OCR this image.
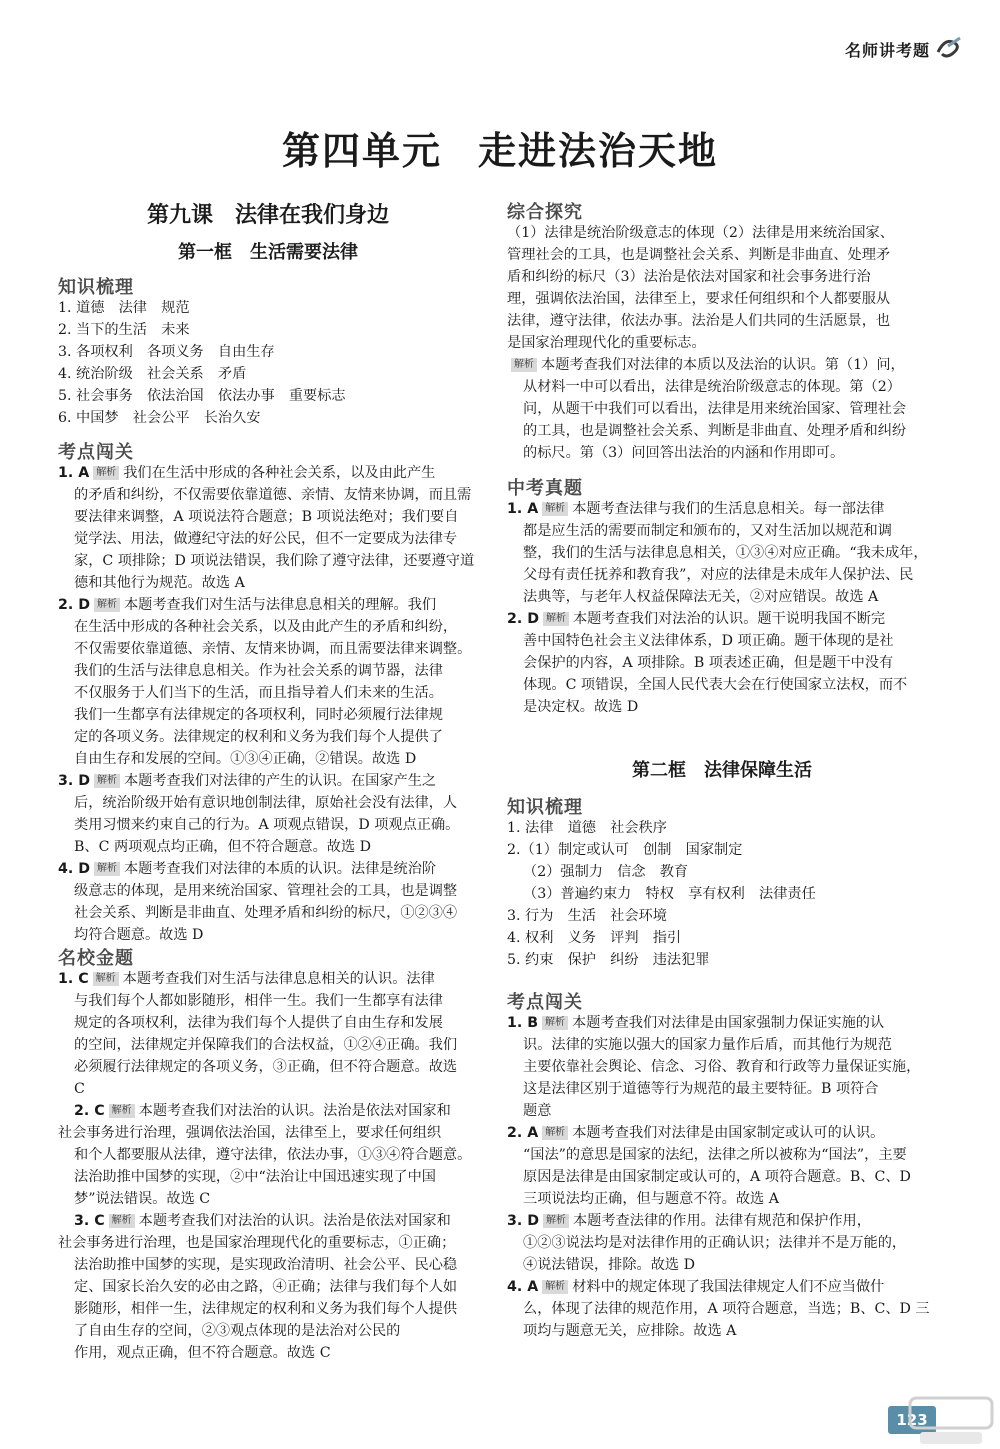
名师讲考题
第四单元 走进法治天地
第九课　法律在我们身边
第一框　生活需要法律
知识梳理
考点闯关
名校金题
综合探究
中考真题
第二框　法律保障生活
知识梳理
考点闯关
1. 道德　法律　规范
2. 当下的生活　未来
3. 各项权利　各项义务　自由生存
4. 统治阶级　社会关系　矛盾
5. 社会事务　依法治国　依法办事　重要标志
6. 中国梦　社会公平　长治久安
1. A 解析 我们在生活中形成的各种社会关系，以及由此产生
的矛盾和纠纷，不仅需要依靠道德、亲情、友情来协调，而且需
要法律来调整，A 项说法符合题意；B 项说法绝对；我们要自
觉学法、用法，做遵纪守法的好公民，但不一定要成为法律专
家，C 项排除；D 项说法错误，我们除了遵守法律，还要遵守道
德和其他行为规范。故选 A
2. D 解析 本题考查我们对生活与法律息息相关的理解。我们
在生活中形成的各种社会关系，以及由此产生的矛盾和纠纷，
不仅需要依靠道德、亲情、友情来协调，而且需要法律来调整。
我们的生活与法律息息相关。作为社会关系的调节器，法律
不仅服务于人们当下的生活，而且指导着人们未来的生活。
我们一生都享有法律规定的各项权利，同时必须履行法律规
定的各项义务。法律规定的权利和义务为我们每个人提供了
自由生存和发展的空间。①③④正确，②错误。故选 D
3. D 解析 本题考查我们对法律的产生的认识。在国家产生之
后，统治阶级开始有意识地创制法律，原始社会没有法律，人
类用习惯来约束自己的行为。A 项观点错误，D 项观点正确。
B、C 两项观点均正确，但不符合题意。故选 D
4. D 解析 本题考查我们对法律的本质的认识。法律是统治阶
级意志的体现，是用来统治国家、管理社会的工具，也是调整
社会关系、判断是非曲直、处理矛盾和纠纷的标尺，①②③④
均符合题意。故选 D
1. C 解析 本题考查我们对生活与法律息息相关的认识。法律
与我们每个人都如影随形，相伴一生。我们一生都享有法律
规定的各项权利，法律为我们每个人提供了自由生存和发展
的空间，法律规定并保障我们的合法权益，①②④正确。我们
必须履行法律规定的各项义务，③正确，但不符合题意。故选
C
2. C 解析 本题考查我们对法治的认识。法治是依法对国家和
社会事务进行治理，强调依法治国，法律至上，要求任何组织
和个人都要服从法律，遵守法律，依法办事，①③④符合题意。
法治助推中国梦的实现，②中“法治让中国迅速实现了中国
梦”说法错误。故选 C
3. C 解析 本题考查我们对法治的认识。法治是依法对国家和
社会事务进行治理，也是国家治理现代化的重要标志，①正确；
法治助推中国梦的实现，是实现政治清明、社会公平、民心稳
定、国家长治久安的必由之路，④正确；法律与我们每个人如
影随形，相伴一生，法律规定的权利和义务为我们每个人提供
了自由生存的空间，②③观点体现的是法治对公民的
作用，观点正确，但不符合题意。故选 C
（1）法律是统治阶级意志的体现（2）法律是用来统治国家、
管理社会的工具，也是调整社会关系、判断是非曲直、处理矛
盾和纠纷的标尺（3）法治是依法对国家和社会事务进行治
理，强调依法治国，法律至上，要求任何组织和个人都要服从
法律，遵守法律，依法办事。法治是人们共同的生活愿景，也
是国家治理现代化的重要标志。
解析 本题考查我们对法律的本质以及法治的认识。第（1）问，
从材料一中可以看出，法律是统治阶级意志的体现。第（2）
问，从题干中我们可以看出，法律是用来统治国家、管理社会
的工具，也是调整社会关系、判断是非曲直、处理矛盾和纠纷
的标尺。第（3）问回答出法治的内涵和作用即可。
1. A 解析 本题考查法律与我们的生活息息相关。每一部法律
都是应生活的需要而制定和颁布的，又对生活加以规范和调
整，我们的生活与法律息息相关，①③④对应正确。“我未成年，
父母有责任抚养和教育我”，对应的法律是未成年人保护法、民
法典等，与老年人权益保障法无关，②对应错误。故选 A
2. D 解析 本题考查我们对法治的认识。题干说明我国不断完
善中国特色社会主义法律体系，D 项正确。题干体现的是社
会保护的内容，A 项排除。B 项表述正确，但是题干中没有
体现。C 项错误，全国人民代表大会在行使国家立法权，而不
是决定权。故选 D
1. 法律　道德　社会秩序
2.（1）制定或认可　创制　国家制定
（2）强制力　信念　教育
（3）普遍约束力　特权　享有权利　法律责任
3. 行为　生活　社会环境
4. 权利　义务　评判　指引
5. 约束　保护　纠纷　违法犯罪
1. B 解析 本题考查我们对法律是由国家强制力保证实施的认
识。法律的实施以强大的国家力量作后盾，而其他行为规范
主要依靠社会舆论、信念、习俗、教育和行政等力量保证实施，
这是法律区别于道德等行为规范的最主要特征。B 项符合
题意
2. A 解析 本题考查我们对法律是由国家制定或认可的认识。
“国法”的意思是国家的法纪，法律之所以被称为“国法”，主要
原因是法律是由国家制定或认可的，A 项符合题意。B、C、D
三项说法均正确，但与题意不符。故选 A
3. D 解析 本题考查法律的作用。法律有规范和保护作用，
①②③说法均是对法律作用的正确认识；法律并不是万能的，
④说法错误，排除。故选 D
4. A 解析 材料中的规定体现了我国法律规定人们不应当做什
么，体现了法律的规范作用，A 项符合题意，当选；B、C、D 三
项均与题意无关，应排除。故选 A
123
